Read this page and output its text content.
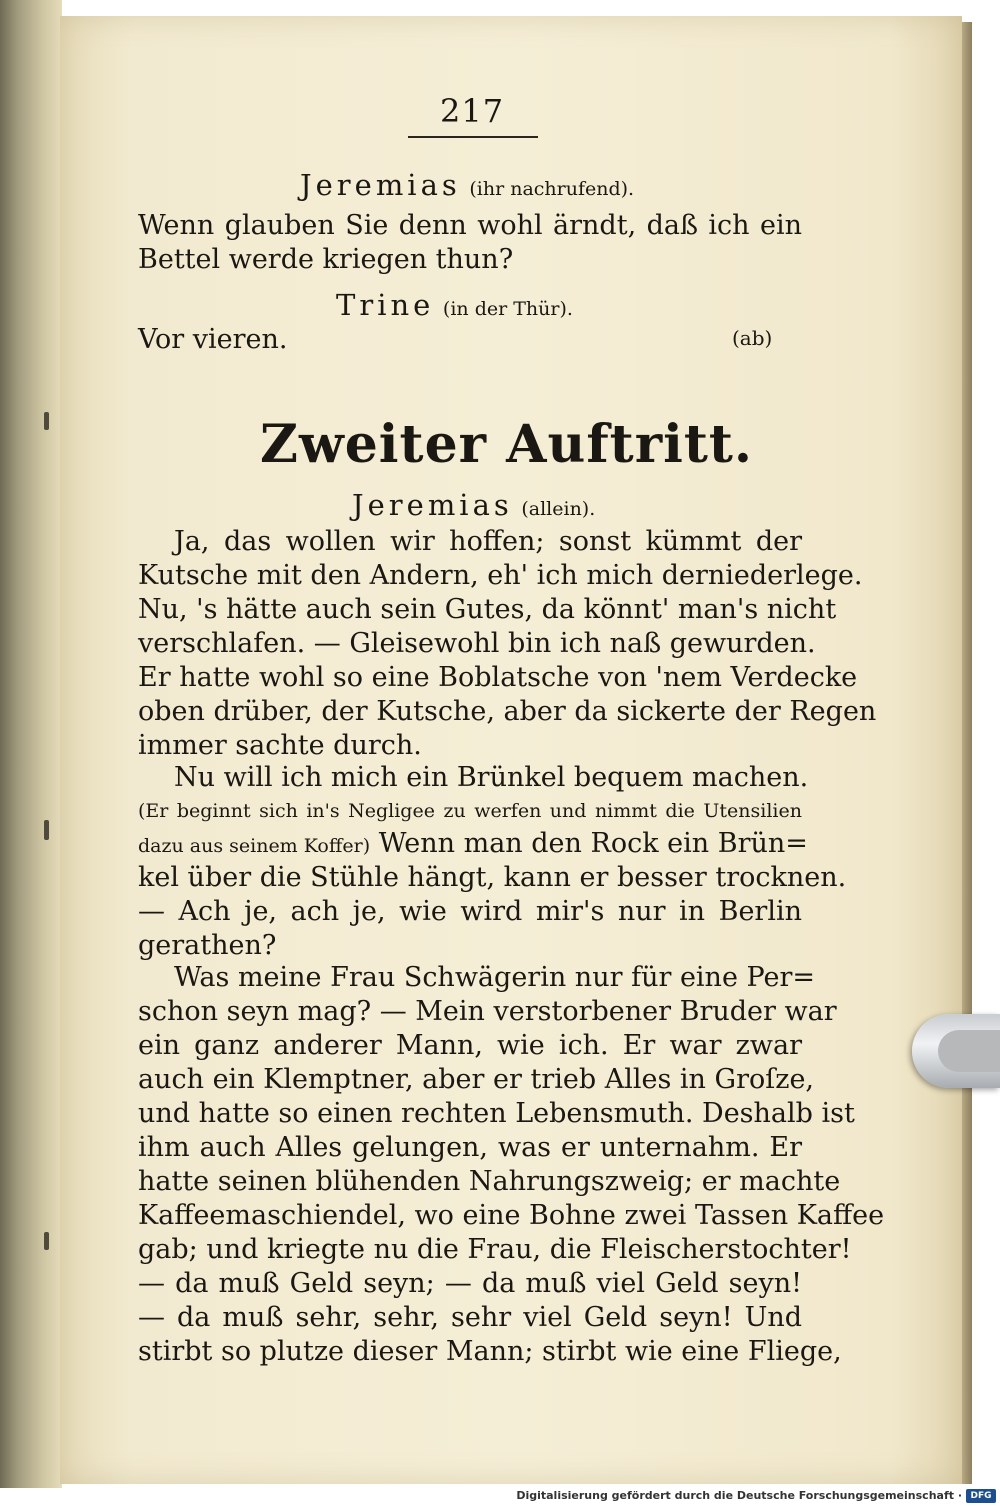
217
Jeremias (ihr nachrufend).
Wenn glauben Sie denn wohl ärndt, daß ich ein
Bettel werde kriegen thun?
Trine (in der Thür).
Vor vieren.	(ab)
Zweiter Auftritt.
Jeremias (allein).
Ja, das wollen wir hoffen; sonst kümmt der
Kutsche mit den Andern, eh' ich mich derniederlege.
Nu, 's hätte auch sein Gutes, da könnt' man's nicht
verschlafen. — Gleisewohl bin ich naß gewurden.
Er hatte wohl so eine Boblatsche von 'nem Verdecke
oben drüber, der Kutsche, aber da sickerte der Regen
immer sachte durch.
Nu will ich mich ein Brünkel bequem machen.
(Er beginnt sich in's Negligee zu werfen und nimmt die Utensilien
dazu aus seinem Koffer) Wenn man den Rock ein Brün=
kel über die Stühle hängt, kann er besser trocknen.
— Ach je, ach je, wie wird mir's nur in Berlin
gerathen?
Was meine Frau Schwägerin nur für eine Per=
schon seyn mag? — Mein verstorbener Bruder war
ein ganz anderer Mann, wie ich. Er war zwar
auch ein Klemptner, aber er trieb Alles in Groſze,
und hatte so einen rechten Lebensmuth. Deshalb ist
ihm auch Alles gelungen, was er unternahm. Er
hatte seinen blühenden Nahrungszweig; er machte
Kaffeemaschiendel, wo eine Bohne zwei Tassen Kaffee
gab; und kriegte nu die Frau, die Fleischerstochter!
— da muß Geld seyn; — da muß viel Geld seyn!
— da muß sehr, sehr, sehr viel Geld seyn! Und
stirbt so plutze dieser Mann; stirbt wie eine Fliege,
Digitalisierung gefördert durch die Deutsche Forschungsgemeinschaft · DFG
